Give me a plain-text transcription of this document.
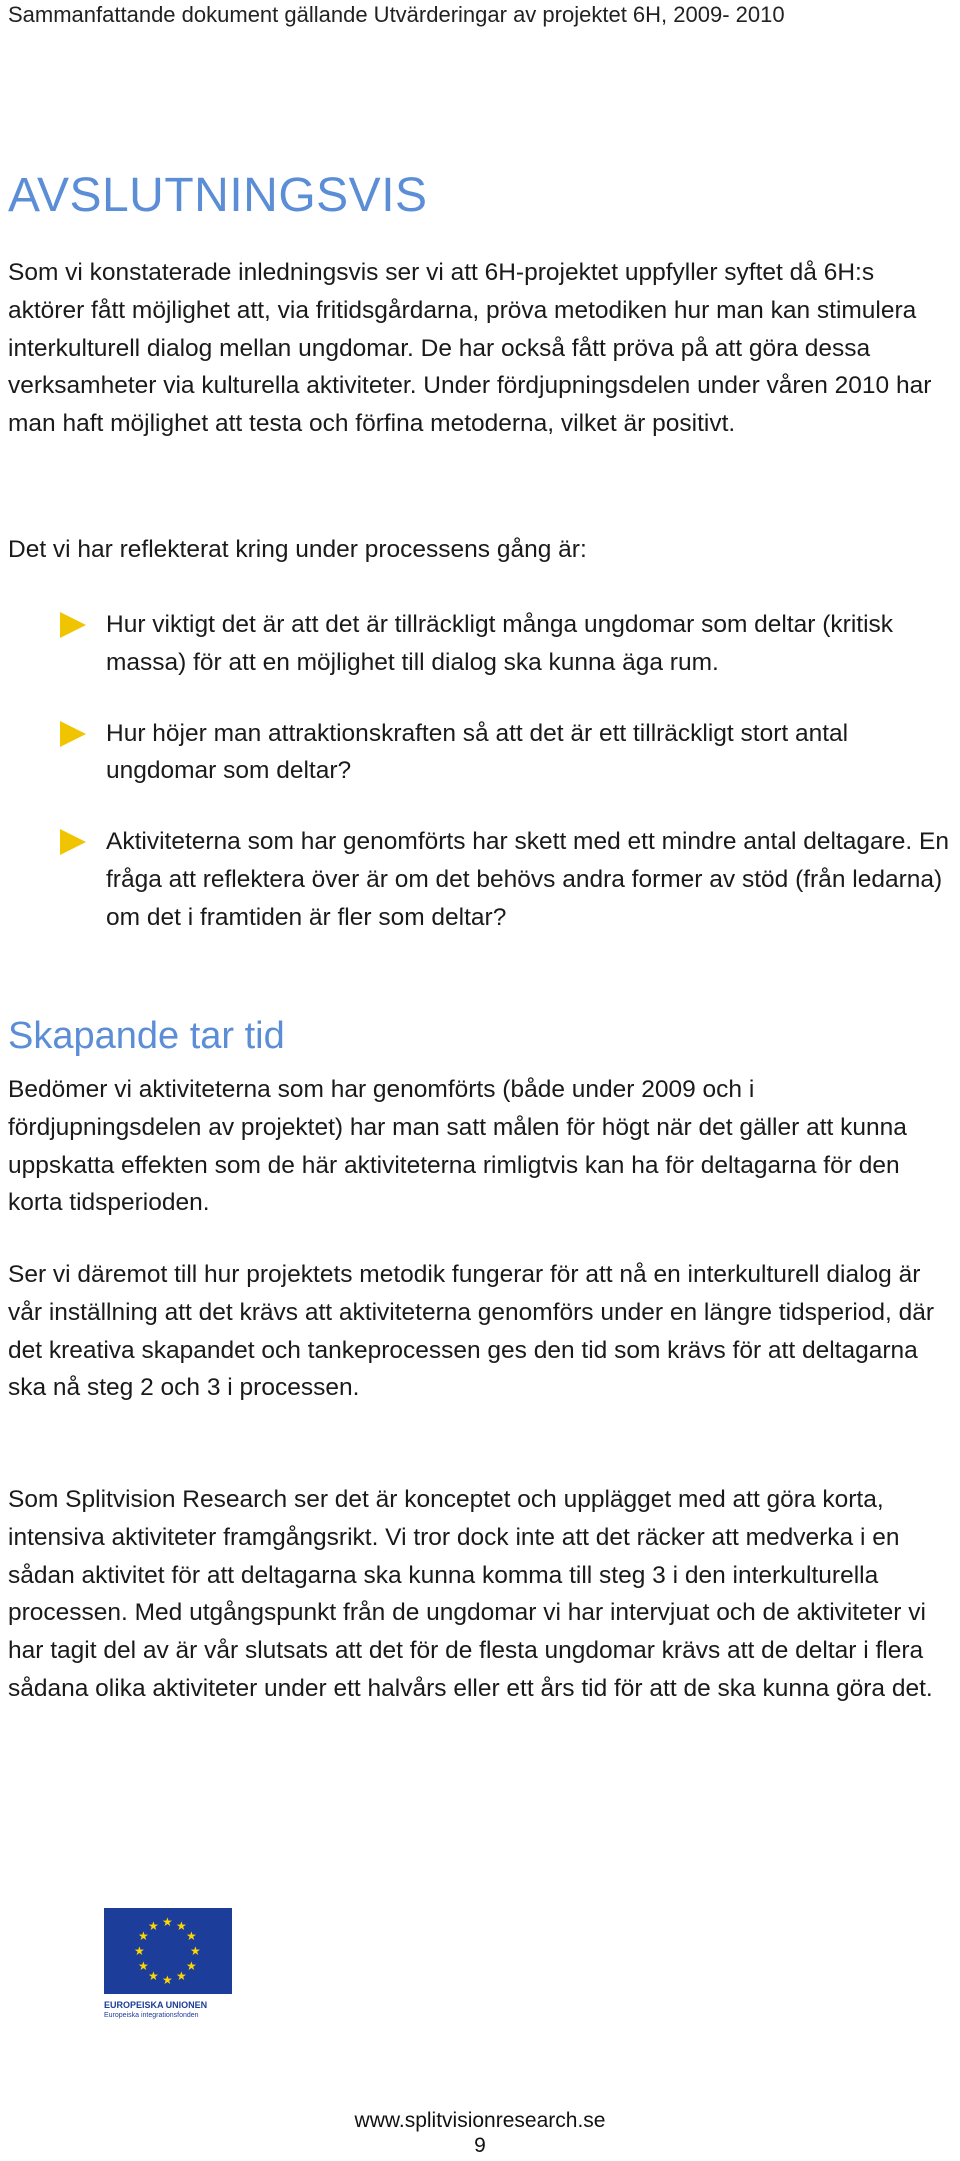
Sammanfattande dokument gällande Utvärderingar av projektet 6H, 2009- 2010
AVSLUTNINGSVIS

Som vi konstaterade inledningsvis ser vi att 6H-projektet uppfyller syftet då 6H:s aktörer fått möjlighet att, via fritidsgårdarna, pröva metodiken hur man kan stimulera interkulturell dialog mellan ungdomar. De har också fått pröva på att göra dessa verksamheter via kulturella aktiviteter. Under fördjupningsdelen under våren 2010 har man haft möjlighet att testa och förfina metoderna, vilket är positivt.

Det vi har reflekterat kring under processens gång är:

Hur viktigt det är att det är tillräckligt många ungdomar som deltar (kritisk massa) för att en möjlighet till dialog ska kunna äga rum.
Hur höjer man attraktionskraften så att det är ett tillräckligt stort antal ungdomar som deltar?
Aktiviteterna som har genomförts har skett med ett mindre antal deltagare. En fråga att reflektera över är om det behövs andra former av stöd (från ledarna) om det i framtiden är fler som deltar?
Skapande tar tid

Bedömer vi aktiviteterna som har genomförts (både under 2009 och i fördjupningsdelen av projektet) har man satt målen för högt när det gäller att kunna uppskatta effekten som de här aktiviteterna rimligtvis kan ha för deltagarna för den korta tidsperioden.

Ser vi däremot till hur projektets metodik fungerar för att nå en interkulturell dialog är vår inställning att det krävs att aktiviteterna genomförs under en längre tidsperiod, där det kreativa skapandet och tankeprocessen ges den tid som krävs för att deltagarna ska nå steg 2 och 3 i processen.

Som Splitvision Research ser det är konceptet och upplägget med att göra korta, intensiva aktiviteter framgångsrikt. Vi tror dock inte att det räcker att medverka i en sådan aktivitet för att deltagarna ska kunna komma till steg 3 i den interkulturella processen. Med utgångspunkt från de ungdomar vi har intervjuat och de aktiviteter vi har tagit del av är vår slutsats att det för de flesta ungdomar krävs att de deltar i flera sådana olika aktiviteter under ett halvårs eller ett års tid för att de ska kunna göra det.

★ ★
★
★
★
★
★
★
★
★
★
★
EUROPEISKA UNIONEN
Europeiska integrationsfonden
www.splitvisionresearch.se
9
